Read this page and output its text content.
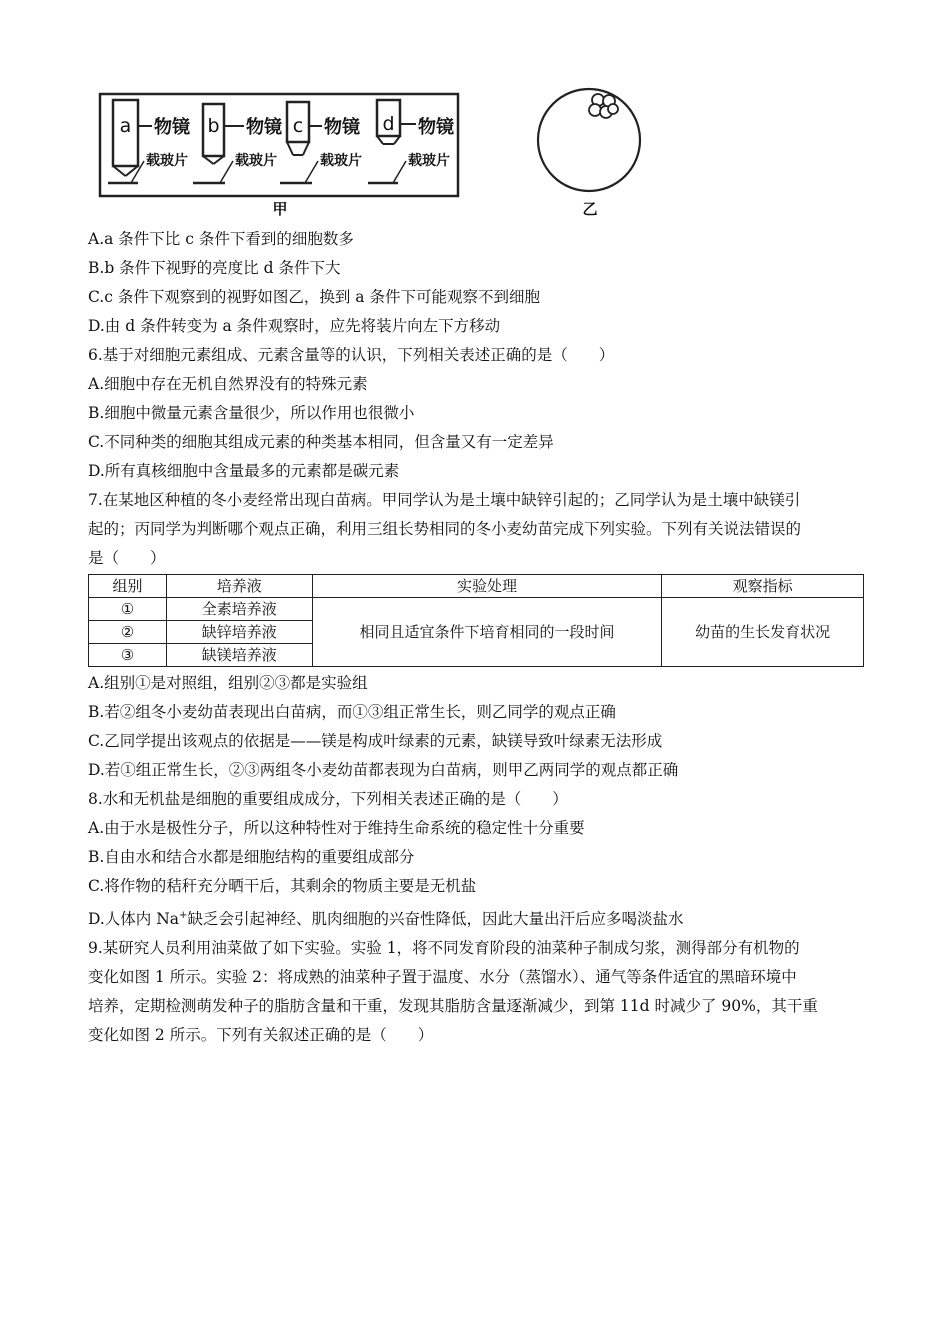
a 物镜
载玻片
b 物镜
载玻片
c 物镜
载玻片
d 物镜
载玻片
甲	乙
A.a 条件下比 c 条件下看到的细胞数多
B.b 条件下视野的亮度比 d 条件下大
C.c 条件下观察到的视野如图乙，换到 a 条件下可能观察不到细胞
D.由 d 条件转变为 a 条件观察时，应先将装片向左下方移动
6.基于对细胞元素组成、元素含量等的认识，下列相关表述正确的是（　　）
A.细胞中存在无机自然界没有的特殊元素
B.细胞中微量元素含量很少，所以作用也很微小
C.不同种类的细胞其组成元素的种类基本相同，但含量又有一定差异
D.所有真核细胞中含量最多的元素都是碳元素
7.在某地区种植的冬小麦经常出现白苗病。甲同学认为是土壤中缺锌引起的；乙同学认为是土壤中缺镁引
起的；丙同学为判断哪个观点正确，利用三组长势相同的冬小麦幼苗完成下列实验。下列有关说法错误的
是（　　）
组别	培养液	实验处理	观察指标
①	全素培养液	相同且适宜条件下培育相同的一段时间	幼苗的生长发育状况
②	缺锌培养液		
③	缺镁培养液		
A.组别①是对照组，组别②③都是实验组
B.若②组冬小麦幼苗表现出白苗病，而①③组正常生长，则乙同学的观点正确
C.乙同学提出该观点的依据是——镁是构成叶绿素的元素，缺镁导致叶绿素无法形成
D.若①组正常生长，②③两组冬小麦幼苗都表现为白苗病，则甲乙两同学的观点都正确
8.水和无机盐是细胞的重要组成成分，下列相关表述正确的是（　　）
A.由于水是极性分子，所以这种特性对于维持生命系统的稳定性十分重要
B.自由水和结合水都是细胞结构的重要组成部分
C.将作物的秸秆充分晒干后，其剩余的物质主要是无机盐
D.人体内 Na+缺乏会引起神经、肌肉细胞的兴奋性降低，因此大量出汗后应多喝淡盐水
9.某研究人员利用油菜做了如下实验。实验 1，将不同发育阶段的油菜种子制成匀浆，测得部分有机物的
变化如图 1 所示。实验 2：将成熟的油菜种子置于温度、水分（蒸馏水）、通气等条件适宜的黑暗环境中
培养，定期检测萌发种子的脂肪含量和干重，发现其脂肪含量逐渐减少，到第 11d 时减少了 90%，其干重
变化如图 2 所示。下列有关叙述正确的是（　　）
